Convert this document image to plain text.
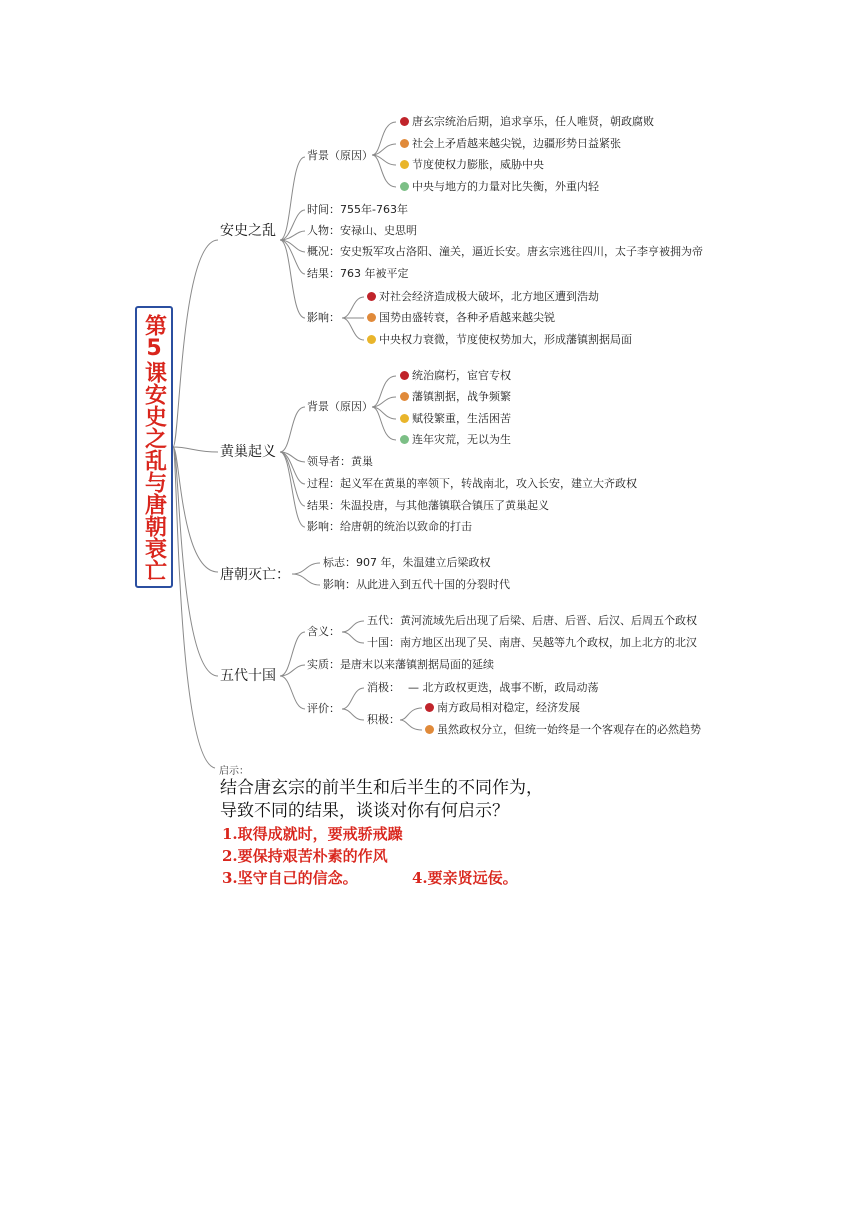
第5课安史之乱与唐朝衰亡
安史之乱
背景（原因）
唐玄宗统治后期，追求享乐，任人唯贤，朝政腐败
社会上矛盾越来越尖锐，边疆形势日益紧张
节度使权力膨胀，威胁中央
中央与地方的力量对比失衡，外重内轻
时间：755年-763年
人物：安禄山、史思明
概况：安史叛军攻占洛阳、潼关，逼近长安。唐玄宗逃往四川，太子李亨被拥为帝
结果：763 年被平定
影响：
对社会经济造成极大破坏，北方地区遭到浩劫
国势由盛转衰，各种矛盾越来越尖锐
中央权力衰微，节度使权势加大，形成藩镇割据局面
黄巢起义
背景（原因）
统治腐朽，宦官专权
藩镇割据，战争频繁
赋役繁重，生活困苦
连年灾荒，无以为生
领导者：黄巢
过程：起义军在黄巢的率领下，转战南北，攻入长安，建立大齐政权
结果：朱温投唐，与其他藩镇联合镇压了黄巢起义
影响：给唐朝的统治以致命的打击
唐朝灭亡：
标志：907 年，朱温建立后梁政权
影响：从此进入到五代十国的分裂时代
五代十国
含义：
五代：黄河流域先后出现了后梁、后唐、后晋、后汉、后周五个政权
十国：南方地区出现了吴、南唐、吴越等九个政权，加上北方的北汉
实质：是唐末以来藩镇割据局面的延续
评价：
消极： — 北方政权更迭，战事不断，政局动荡
积极：
南方政局相对稳定，经济发展
虽然政权分立，但统一始终是一个客观存在的必然趋势
启示：
结合唐玄宗的前半生和后半生的不同作为，
导致不同的结果，谈谈对你有何启示？
1.取得成就时，要戒骄戒躁
2.要保持艰苦朴素的作风
3.坚守自己的信念。	4.要亲贤远佞。
